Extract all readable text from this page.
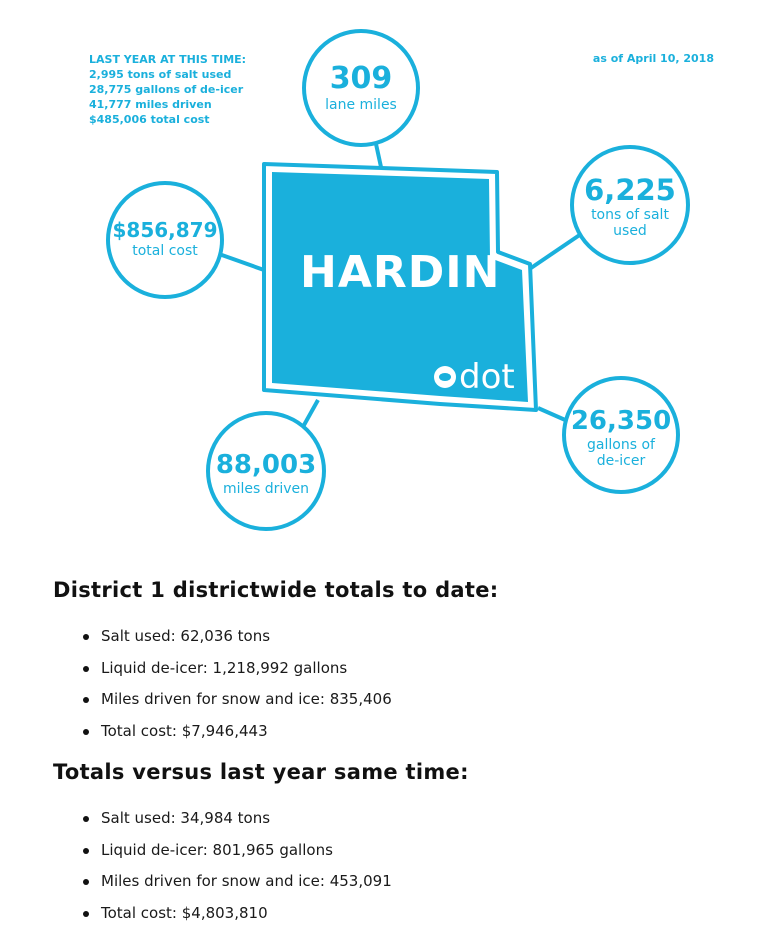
LAST YEAR AT THIS TIME:
2,995 tons of salt used
28,775 gallons of de-icer
41,777 miles driven
$485,006 total cost
as of April 10, 2018
309
lane miles
$856,879
total cost
6,225
tons of salt
used
26,350
gallons of
de-icer
88,003
miles driven
HARDIN
dot
District 1 districtwide totals to date:
Salt used: 62,036 tons
Liquid de-icer: 1,218,992 gallons
Miles driven for snow and ice: 835,406
Total cost: $7,946,443
Totals versus last year same time:
Salt used: 34,984 tons
Liquid de-icer: 801,965 gallons
Miles driven for snow and ice: 453,091
Total cost: $4,803,810
